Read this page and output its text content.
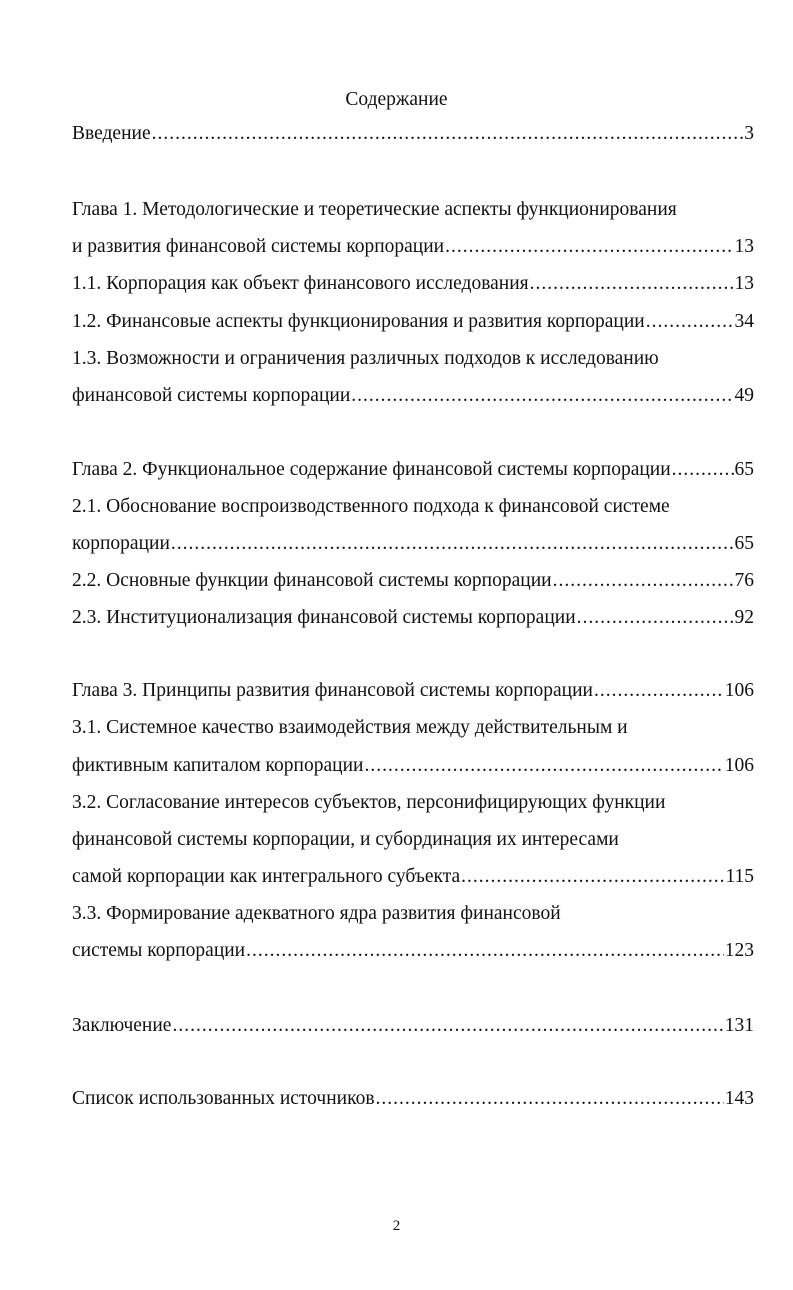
Содержание
Введение .....	3
Глава 1. Методологические и теоретические аспекты функционирования
и развития финансовой системы корпорации .....	13
1.1. Корпорация как объект финансового исследования .....	13
1.2. Финансовые аспекты функционирования и развития корпорации .....	34
1.3. Возможности и ограничения различных подходов к исследованию
финансовой системы корпорации .....	49
Глава 2. Функциональное содержание финансовой системы корпорации .....	65
2.1. Обоснование воспроизводственного подхода к финансовой системе
корпорации .....	65
2.2. Основные функции финансовой системы корпорации .....	76
2.3. Институционализация финансовой системы корпорации .....	92
Глава 3. Принципы развития финансовой системы корпорации .....	106
3.1. Системное качество взаимодействия между действительным и
фиктивным капиталом корпорации .....	106
3.2. Согласование интересов субъектов, персонифицирующих функции
финансовой системы корпорации, и субординация их интересами
самой корпорации как интегрального субъекта .....	115
3.3. Формирование адекватного ядра развития финансовой
системы корпорации .....	123
Заключение .....	131
Список использованных источников .....	143
2
